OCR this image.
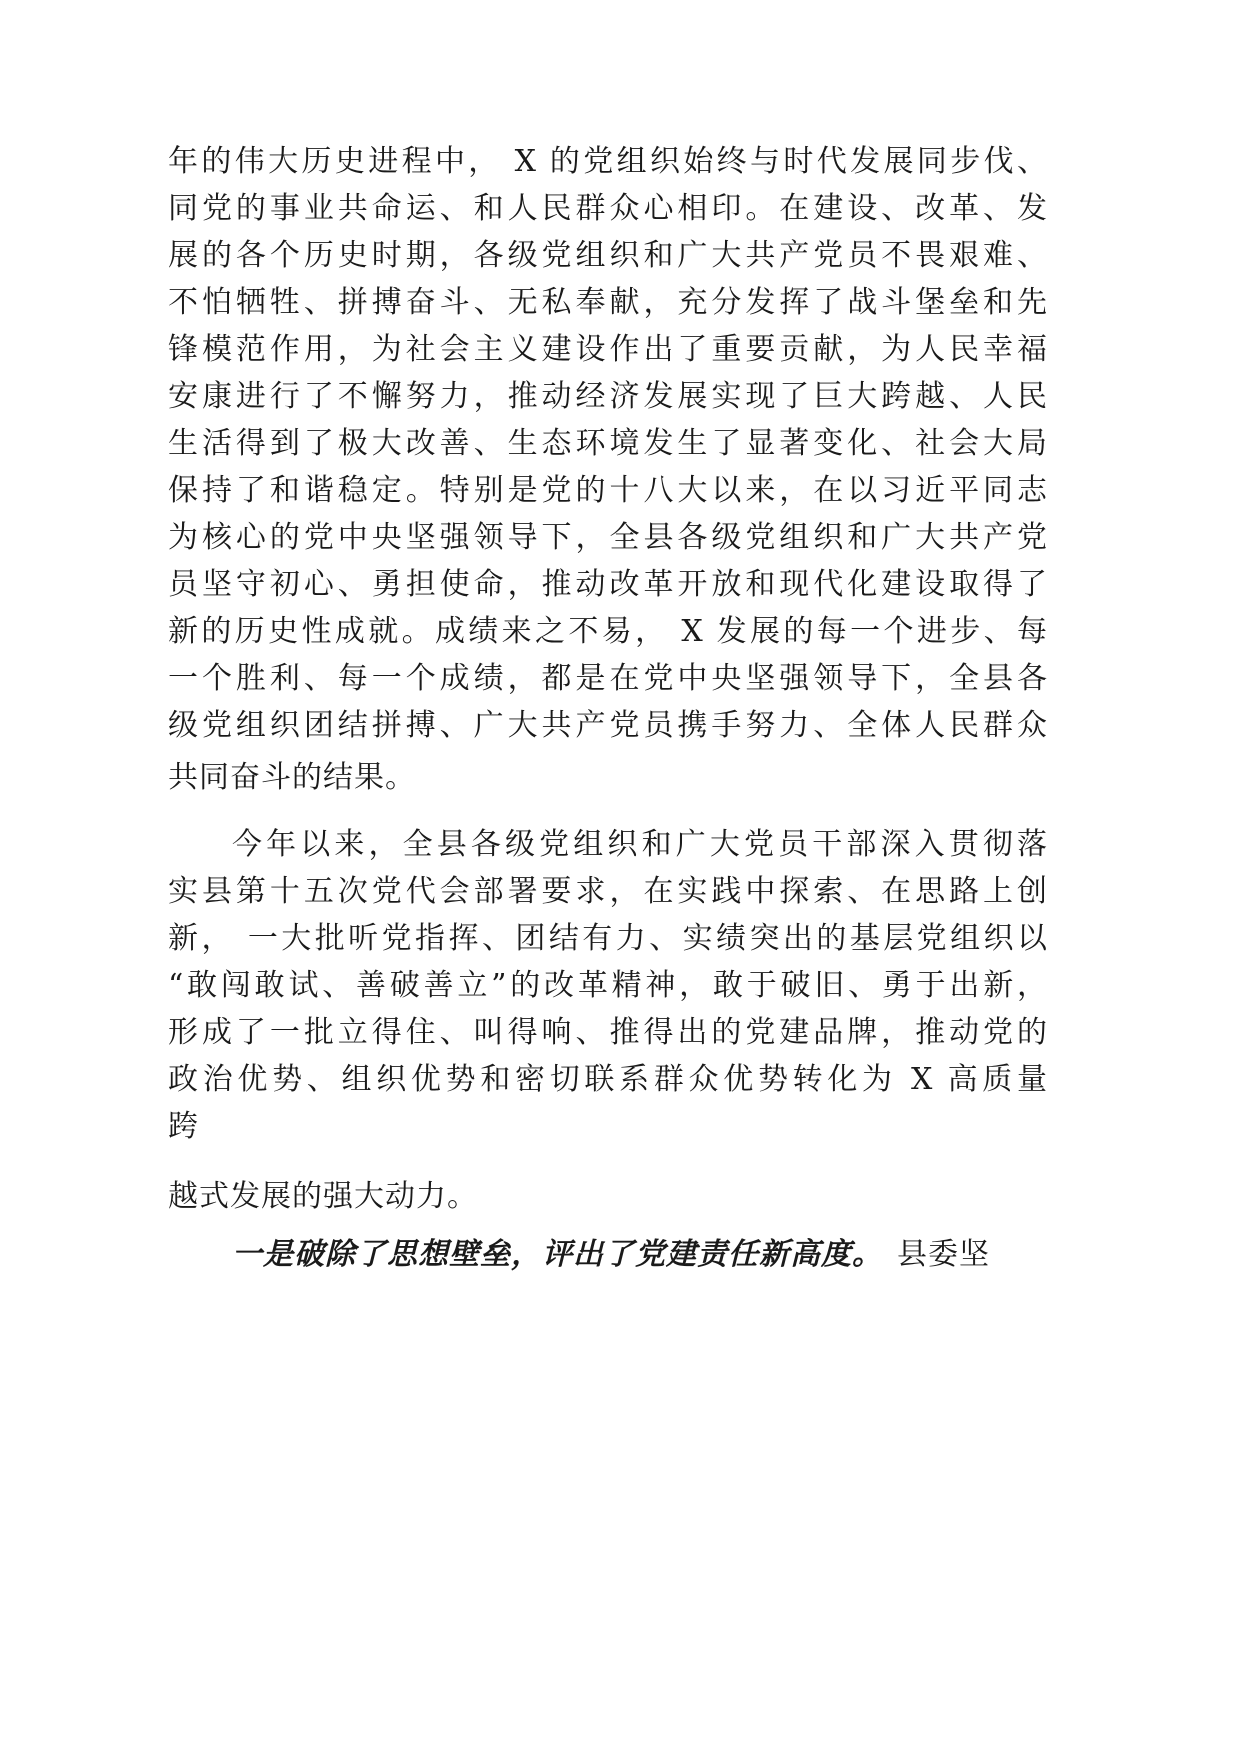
年的伟大历史进程中， X 的党组织始终与时代发展同步伐、
同党的事业共命运、和人民群众心相印。在建设、改革、发
展的各个历史时期，各级党组织和广大共产党员不畏艰难、
不怕牺牲、拼搏奋斗、无私奉献，充分发挥了战斗堡垒和先
锋模范作用，为社会主义建设作出了重要贡献，为人民幸福
安康进行了不懈努力，推动经济发展实现了巨大跨越、人民
生活得到了极大改善、生态环境发生了显著变化、社会大局
保持了和谐稳定。特别是党的十八大以来，在以习近平同志
为核心的党中央坚强领导下，全县各级党组织和广大共产党
员坚守初心、勇担使命，推动改革开放和现代化建设取得了
新的历史性成就。成绩来之不易， X 发展的每一个进步、每
一个胜利、每一个成绩，都是在党中央坚强领导下，全县各
级党组织团结拼搏、广大共产党员携手努力、全体人民群众
共同奋斗的结果。
今年以来，全县各级党组织和广大党员干部深入贯彻落
实县第十五次党代会部署要求，在实践中探索、在思路上创
新， 一大批听党指挥、团结有力、实绩突出的基层党组织以
“敢闯敢试、善破善立”的改革精神，敢于破旧、勇于出新，
形成了一批立得住、叫得响、推得出的党建品牌，推动党的
政治优势、组织优势和密切联系群众优势转化为 X 高质量
跨
越式发展的强大动力。
一是破除了思想壁垒，评出了党建责任新高度。 县委坚
